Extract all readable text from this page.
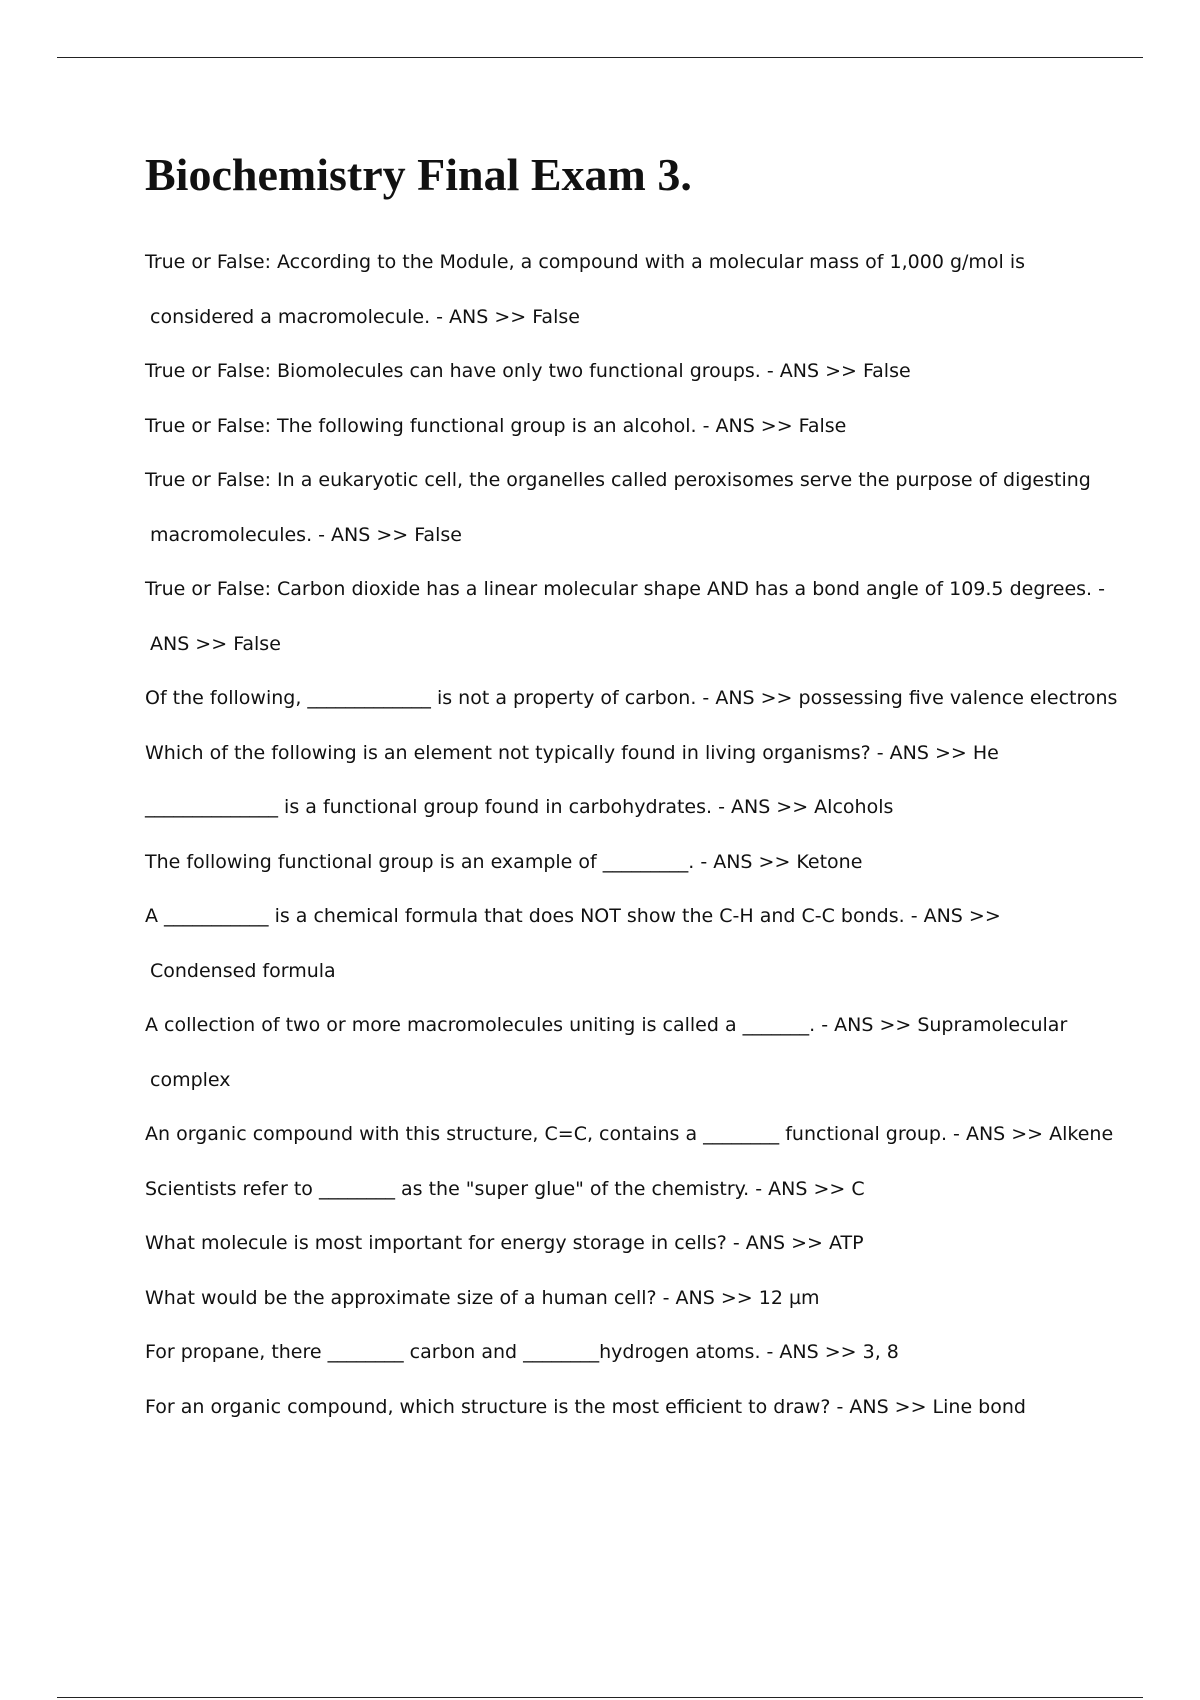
Biochemistry Final Exam 3.
True or False: According to the Module, a compound with a molecular mass of 1,000 g/mol is
considered a macromolecule. - ANS >> False
True or False: Biomolecules can have only two functional groups. - ANS >> False
True or False: The following functional group is an alcohol. - ANS >> False
True or False: In a eukaryotic cell, the organelles called peroxisomes serve the purpose of digesting
macromolecules. - ANS >> False
True or False: Carbon dioxide has a linear molecular shape AND has a bond angle of 109.5 degrees. -
ANS >> False
Of the following, _____________ is not a property of carbon. - ANS >> possessing five valence electrons
Which of the following is an element not typically found in living organisms? - ANS >> He
______________ is a functional group found in carbohydrates. - ANS >> Alcohols
The following functional group is an example of _________. - ANS >> Ketone
A ___________ is a chemical formula that does NOT show the C-H and C-C bonds. - ANS >>
Condensed formula
A collection of two or more macromolecules uniting is called a _______. - ANS >> Supramolecular
complex
An organic compound with this structure, C=C, contains a ________ functional group. - ANS >> Alkene
Scientists refer to ________ as the "super glue" of the chemistry. - ANS >> C
What molecule is most important for energy storage in cells? - ANS >> ATP
What would be the approximate size of a human cell? - ANS >> 12 µm
For propane, there ________ carbon and ________hydrogen atoms. - ANS >> 3, 8
For an organic compound, which structure is the most efficient to draw? - ANS >> Line bond
